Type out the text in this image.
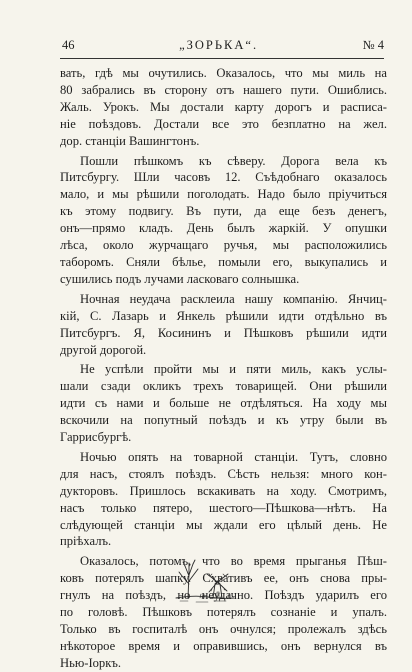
46	„ЗОРЬКА“.	№ 4

вать, гдѣ мы очутились. Оказалось, что мы миль на
80 забрались въ сторону отъ нашего пути. Ошиблись.
Жаль. Урокъ. Мы достали карту дорогъ и расписа-
ніе поѣздовъ. Достали все это безплатно на жел.
дор. станціи Вашингтонъ.

Пошли пѣшкомъ къ сѣверу. Дорога вела къ
Питсбургу. Шли часовъ 12. Съѣдобнаго оказалось
мало, и мы рѣшили поголодать. Надо было пріучиться
къ этому подвигу. Въ пути, да еще безъ денегъ,
онъ—прямо кладъ. День былъ жаркій. У опушки
лѣса, около журчащаго ручья, мы расположились
таборомъ. Сняли бѣлье, помыли его, выкупались и
сушились подъ лучами ласковаго солнышка.

Ночная неудача расклеила нашу компанію. Янчиц-
кій, С. Лазарь и Янкель рѣшили идти отдѣльно въ
Питсбургъ. Я, Косининъ и Пѣшковъ рѣшили идти
другой дорогой.

Не успѣли пройти мы и пяти миль, какъ услы-
шали сзади окликъ трехъ товарищей. Они рѣшили
идти съ нами и больше не отдѣляться. На ходу мы
вскочили на попутный поѣздъ и къ утру были въ
Гаррисбургѣ.

Ночью опять на товарной станціи. Тутъ, словно
для насъ, стоялъ поѣздъ. Сѣсть нельзя: много кон-
дукторовъ. Пришлось вскакивать на ходу. Смотримъ,
насъ только пятеро, шестого—Пѣшкова—нѣтъ. На
слѣдующей станціи мы ждали его цѣлый день. Не
пріѣхалъ.

Оказалось, потомъ, что во время прыганья Пѣш-
ковъ потерялъ шапку. Схвативъ ее, онъ снова пры-
гнулъ на поѣздъ, но неудачно. Поѣздъ ударилъ его
по головѣ. Пѣшковъ потерялъ сознаніе и упалъ.
Только въ госпиталѣ онъ очнулся; пролежалъ здѣсь
нѣкоторое время и оправившись, онъ вернулся въ
Нью-Іоркъ.
